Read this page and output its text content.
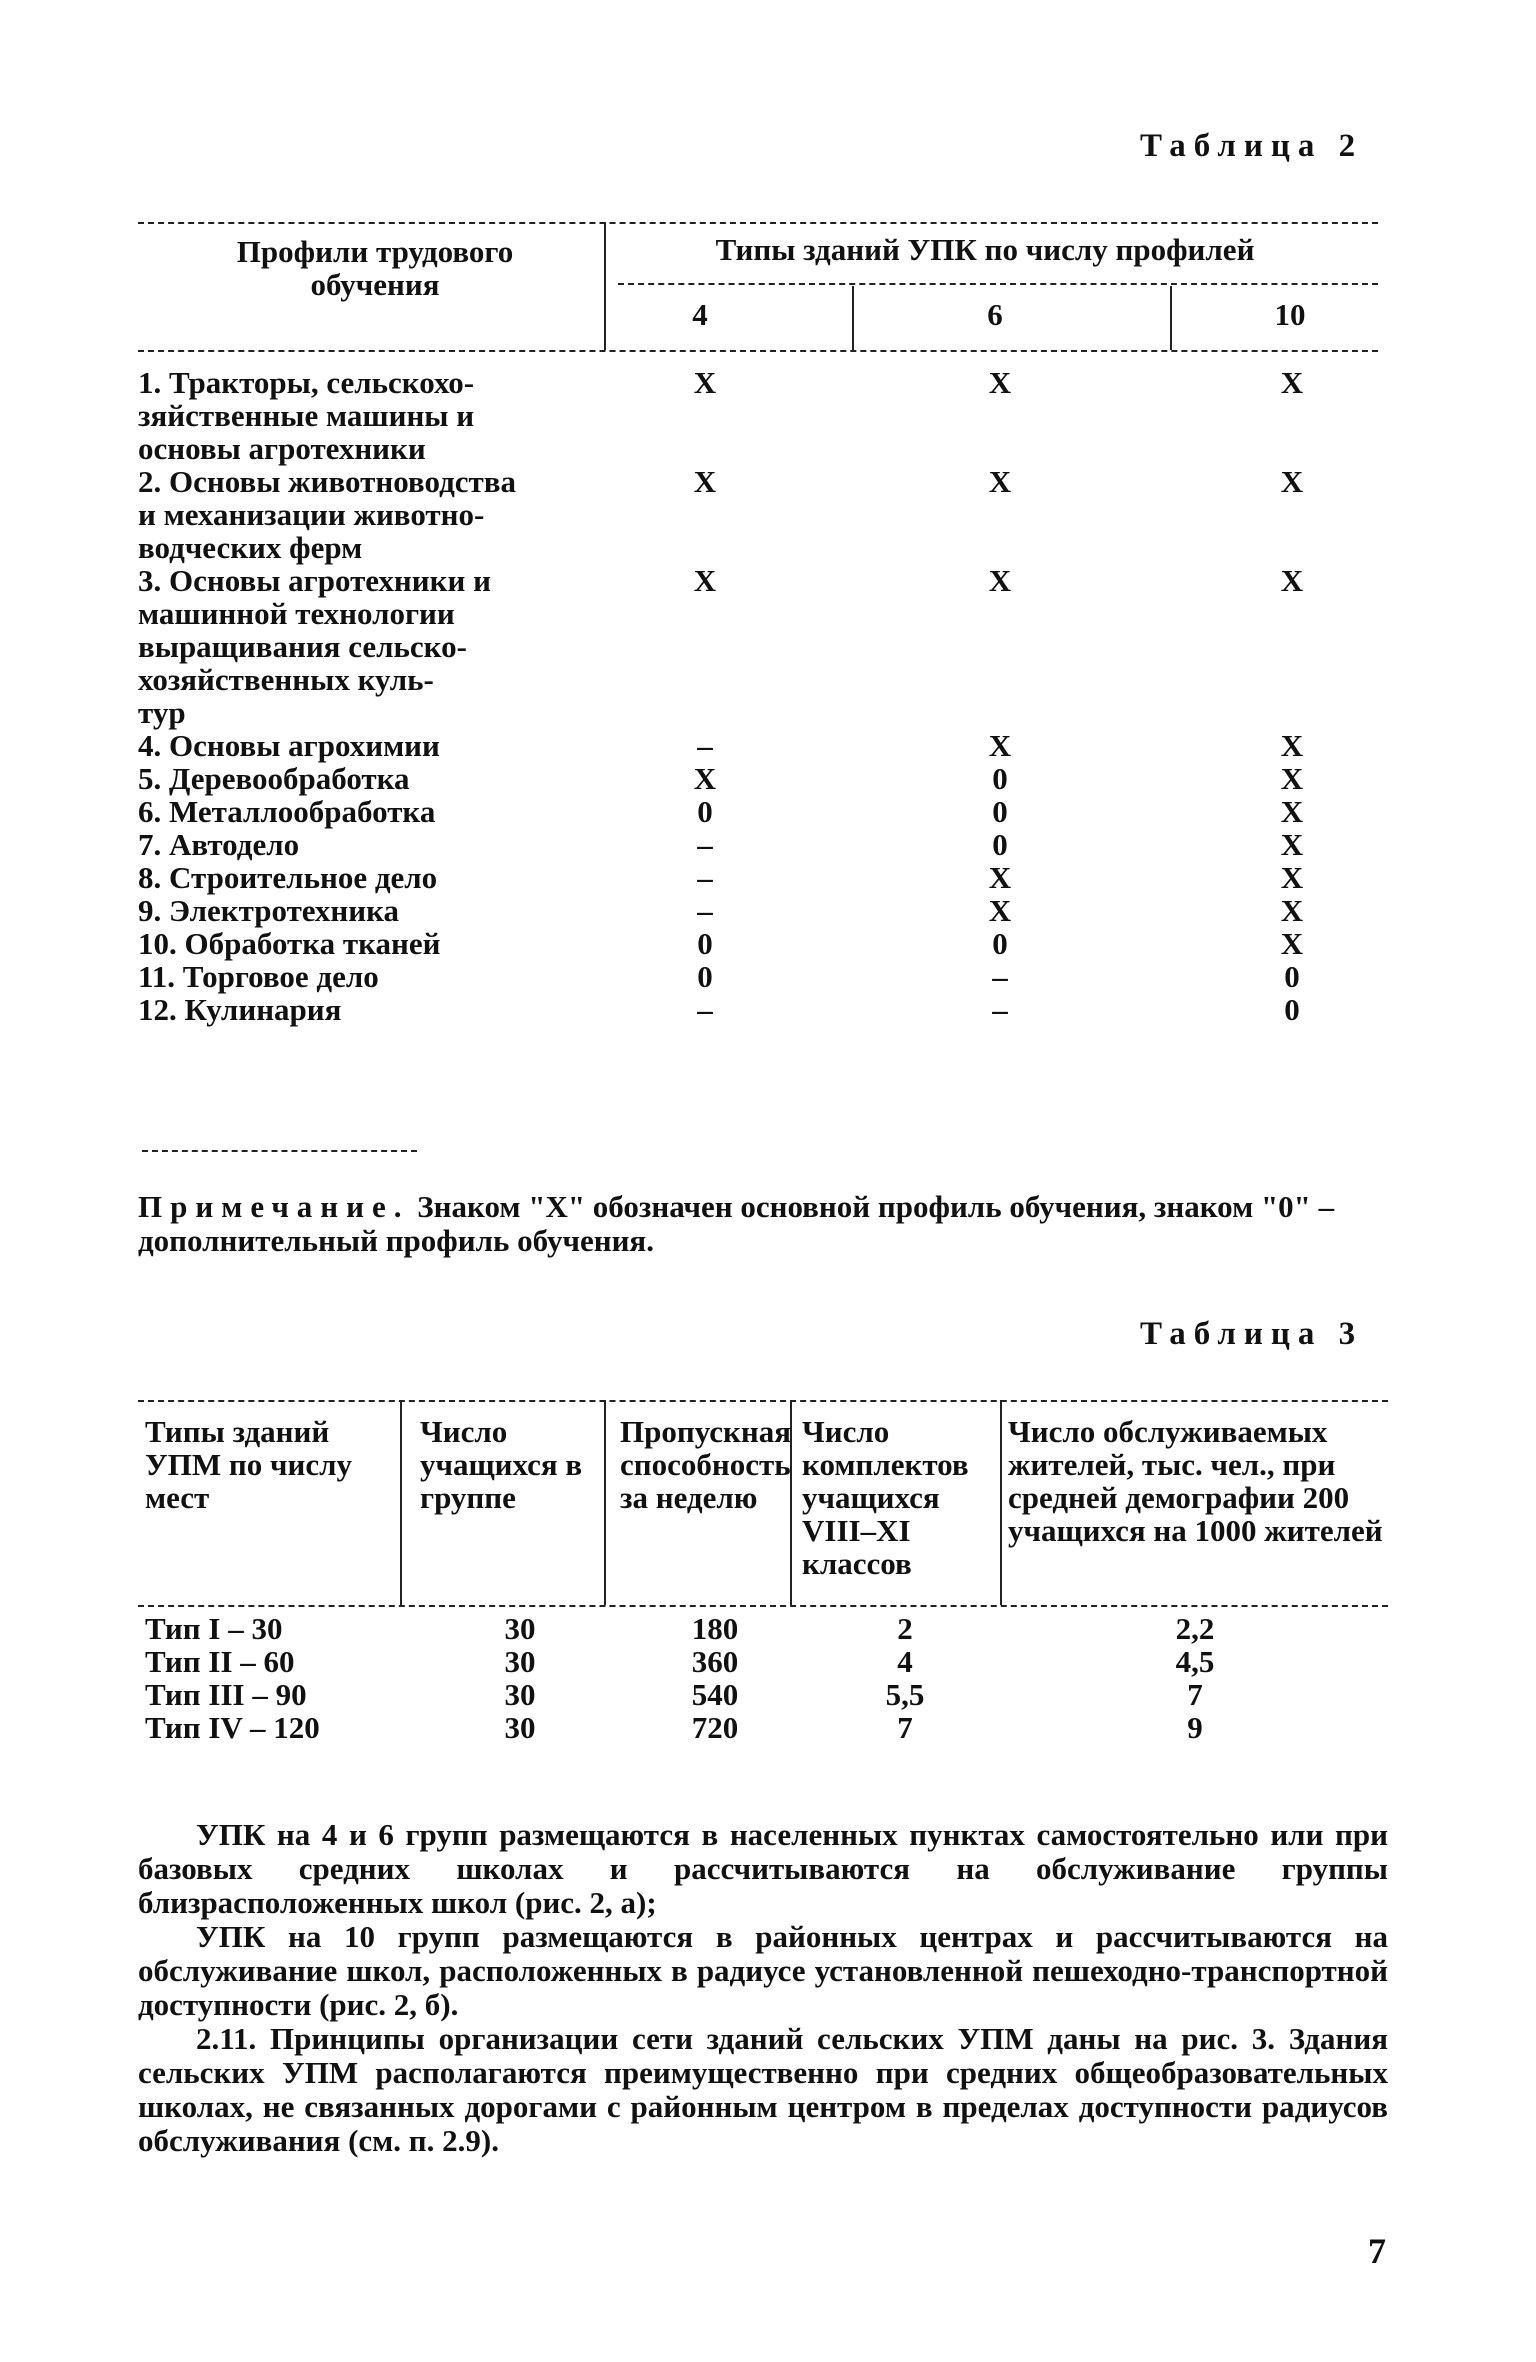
Таблица 2
Профили трудового обучения
Типы зданий УПК по числу профилей
4	6	10
1. Тракторы, сельскохо-	X	X	X
зяйственные машины и
основы агротехники
2. Основы животноводства	X	X	X
и механизации животно-
водческих ферм
3. Основы агротехники и	X	X	X
машинной технологии
выращивания сельско-
хозяйственных куль-
тур
4. Основы агрохимии	–	X	X
5. Деревообработка	X	0	X
6. Металлообработка	0	0	X
7. Автодело	–	0	X
8. Строительное дело	–	X	X
9. Электротехника	–	X	X
10. Обработка тканей	0	0	X
11. Торговое дело	0	–	0
12. Кулинария	–	–	0
Примечание. Знаком "X" обозначен основной профиль обучения, знаком "0" – дополнительный профиль обучения.
Таблица 3
Типы зданий УПМ по числу мест
Число учащихся в группе
Пропускная способность за неделю
Число комплектов учащихся VIII–XI классов
Число обслуживаемых жителей, тыс. чел., при средней демографии 200 учащихся на 1000 жителей
Тип I – 30	30	180	2	2,2
Тип II – 60	30	360	4	4,5
Тип III – 90	30	540	5,5	7
Тип IV – 120	30	720	7	9
УПК на 4 и 6 групп размещаются в населенных пунктах самостоятельно или при базовых средних школах и рассчитываются на обслуживание группы близрасположенных школ (рис. 2, а);
УПК на 10 групп размещаются в районных центрах и рассчитываются на обслуживание школ, расположенных в радиусе установленной пешеходно-транспортной доступности (рис. 2, б).
2.11. Принципы организации сети зданий сельских УПМ даны на рис. 3. Здания сельских УПМ располагаются преимущественно при средних общеобразовательных школах, не связанных дорогами с районным центром в пределах доступности радиусов обслуживания (см. п. 2.9).
7
